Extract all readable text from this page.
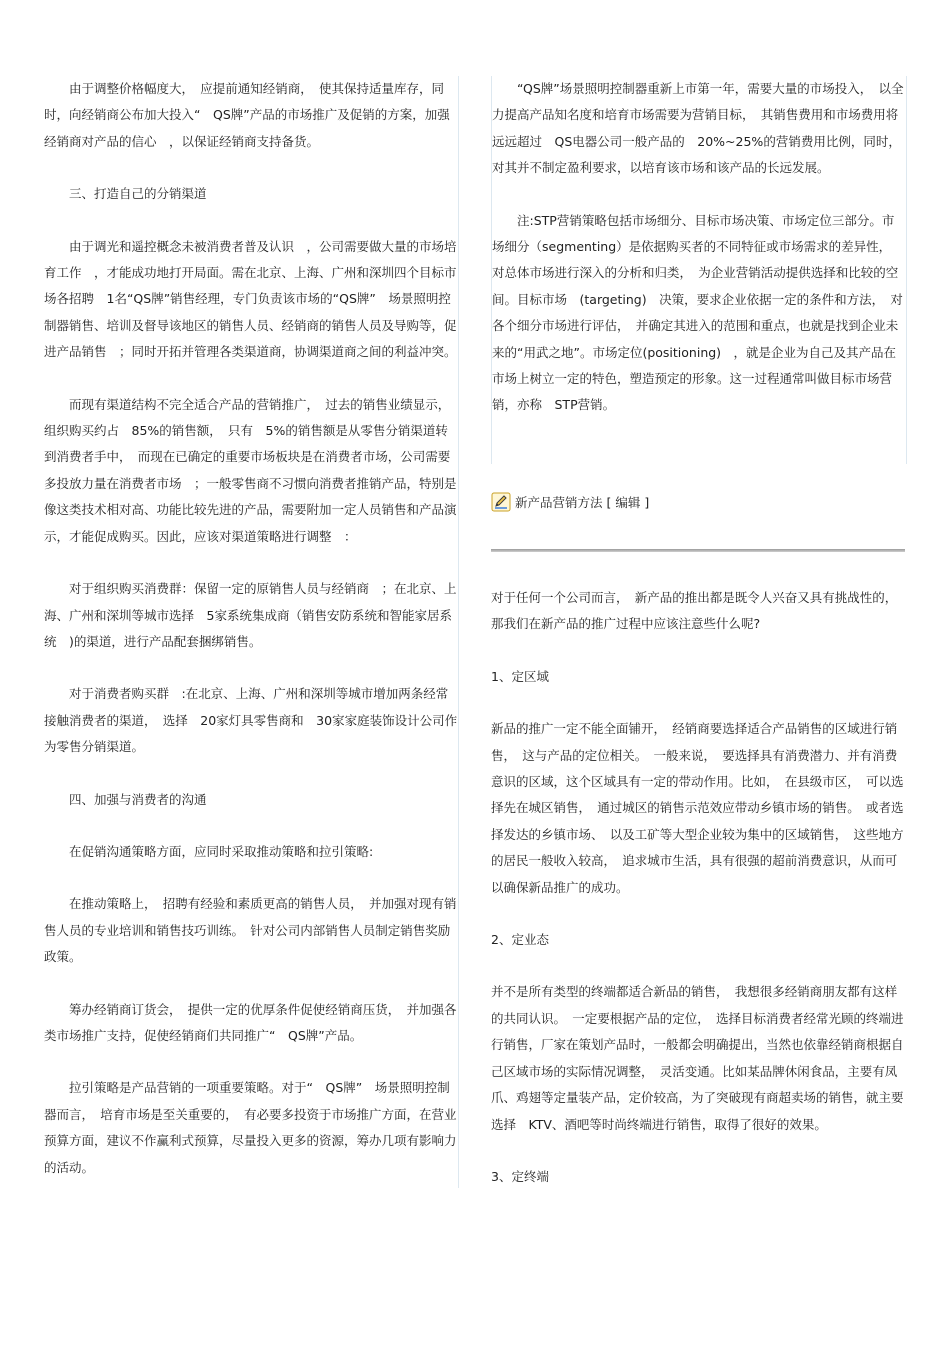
由于调整价格幅度大，　应提前通知经销商，　使其保持适量库存，同时，向经销商公布加大投入“　QS牌”产品的市场推广及促销的方案，加强经销商对产品的信心　，以保证经销商支持备货。

三、打造自己的分销渠道

由于调光和遥控概念未被消费者普及认识　，公司需要做大量的市场培育工作　，才能成功地打开局面。需在北京、上海、广州和深圳四个目标市场各招聘　1名“QS牌”销售经理，专门负责该市场的“QS牌”　场景照明控制器销售、培训及督导该地区的销售人员、经销商的销售人员及导购等，促进产品销售　；同时开拓并管理各类渠道商，协调渠道商之间的利益冲突。

而现有渠道结构不完全适合产品的营销推广，　过去的销售业绩显示，组织购买约占　85%的销售额，　只有　5%的销售额是从零售分销渠道转到消费者手中，　而现在已确定的重要市场板块是在消费者市场，公司需要多投放力量在消费者市场　；一般零售商不习惯向消费者推销产品，特别是像这类技术相对高、功能比较先进的产品，需要附加一定人员销售和产品演示，才能促成购买。因此，应该对渠道策略进行调整　：

对于组织购买消费群：保留一定的原销售人员与经销商　；在北京、上海、广州和深圳等城市选择　5家系统集成商（销售安防系统和智能家居系统　)的渠道，进行产品配套捆绑销售。

对于消费者购买群　:在北京、上海、广州和深圳等城市增加两条经常接触消费者的渠道，　选择　20家灯具零售商和　30家家庭装饰设计公司作为零售分销渠道。

四、加强与消费者的沟通

在促销沟通策略方面，应同时采取推动策略和拉引策略:

在推动策略上，　招聘有经验和素质更高的销售人员，　并加强对现有销售人员的专业培训和销售技巧训练。　针对公司内部销售人员制定销售奖励政策。

筹办经销商订货会，　提供一定的优厚条件促使经销商压货，　并加强各类市场推广支持，促使经销商们共同推广“　QS牌”产品。

拉引策略是产品营销的一项重要策略。对于“　QS牌”　场景照明控制器而言，　培育市场是至关重要的，　有必要多投资于市场推广方面，在营业预算方面，建议不作赢利式预算，尽量投入更多的资源，筹办几项有影响力的活动。

“QS牌”场景照明控制器重新上市第一年，需要大量的市场投入，　以全力提高产品知名度和培育市场需要为营销目标，　其销售费用和市场费用将远远超过　QS电器公司一般产品的　20%~25%的营销费用比例，同时，对其并不制定盈利要求，以培育该市场和该产品的长远发展。

注:STP营销策略包括市场细分、目标市场决策、市场定位三部分。市场细分（segmenting）是依据购买者的不同特征或市场需求的差异性，　对总体市场进行深入的分析和归类，　为企业营销活动提供选择和比较的空间。目标市场　(targeting)　决策，要求企业依据一定的条件和方法，　对各个细分市场进行评估，　并确定其进入的范围和重点，也就是找到企业未来的“用武之地”。市场定位(positioning)　，就是企业为自己及其产品在市场上树立一定的特色，塑造预定的形象。这一过程通常叫做目标市场营销，亦称　STP营销。

新产品营销方法 [ 编辑 ]

对于任何一个公司而言，　新产品的推出都是既令人兴奋又具有挑战性的，那我们在新产品的推广过程中应该注意些什么呢?

1、定区域

新品的推广一定不能全面铺开，　经销商要选择适合产品销售的区域进行销售，　这与产品的定位相关。　一般来说，　要选择具有消费潜力、并有消费意识的区域，这个区域具有一定的带动作用。比如，　在县级市区，　可以选择先在城区销售，　通过城区的销售示范效应带动乡镇市场的销售。　或者选择发达的乡镇市场、　以及工矿等大型企业较为集中的区域销售，　这些地方的居民一般收入较高，　追求城市生活，具有很强的超前消费意识，从而可以确保新品推广的成功。

2、定业态

并不是所有类型的终端都适合新品的销售，　我想很多经销商朋友都有这样的共同认识。　一定要根据产品的定位，　选择目标消费者经常光顾的终端进行销售，厂家在策划产品时，一般都会明确提出，当然也依靠经销商根据自己区域市场的实际情况调整，　灵活变通。比如某品牌休闲食品，主要有凤爪、鸡翅等定量装产品，定价较高，为了突破现有商超卖场的销售，就主要选择　KTV、酒吧等时尚终端进行销售，取得了很好的效果。

3、定终端
